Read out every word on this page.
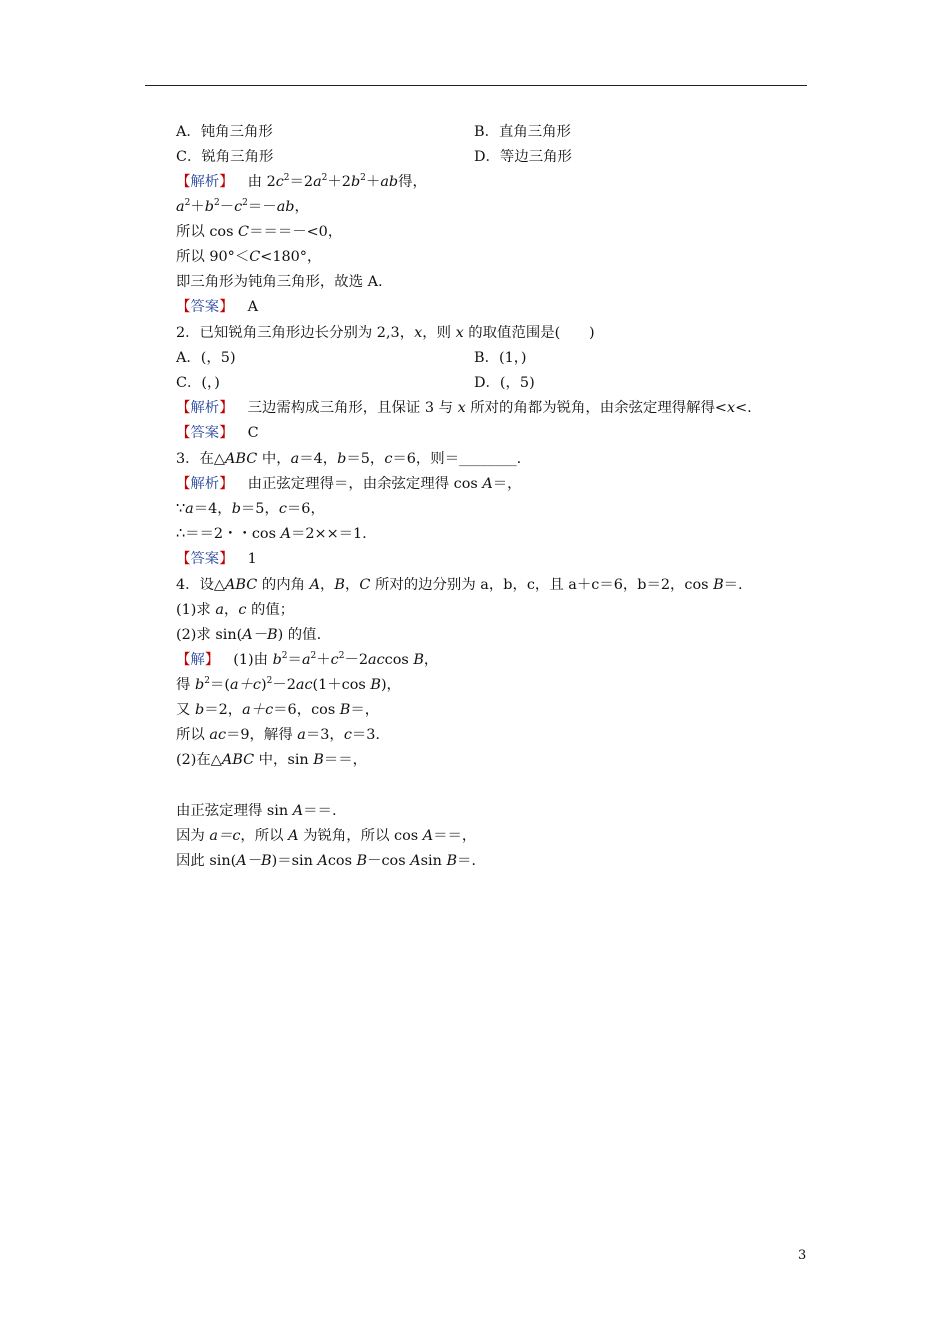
A．钝角三角形	B．直角三角形
C．锐角三角形	D．等边三角形
【解析】 由 $2c^2=2a^2+2b^2+ab$得，
$a^2+b^2-c^2=-ab$，
所以 cos C＝＝＝－<0，
所以 90°＜C<180°，
即三角形为钝角三角形，故选 A.
【答案】 A
2．已知锐角三角形边长分别为 2,3，x，则 x 的取值范围是(　　)
A．(，5)	B．(1，)
C．(，)	D．(，5)
【解析】 三边需构成三角形，且保证 3 与 x 所对的角都为锐角，由余弦定理得解得<x<.
【答案】 C
3．在△ABC 中，a＝4，b＝5，c＝6，则＝________.
【解析】 由正弦定理得＝，由余弦定理得 cos A＝，
∵a＝4，b＝5，c＝6，
∴＝＝2・・cos A＝2××＝1.
【答案】 1
4．设△ABC 的内角 A，B，C 所对的边分别为 a，b，c，且 a＋c＝6，b＝2，cos B＝.
(1)求 a，c 的值；
(2)求 sin(A－B) 的值.
【解】 (1)由 $b^2=a^2+c^2-2accos$ B，
得 $b^2=(a+c)^2-2ac(1+\cos$ B)，
又 b＝2，a＋c＝6，cos B＝，
所以 ac＝9，解得 a＝3，c＝3.
(2)在△ABC 中，sin B＝＝，
由正弦定理得 sin A＝＝.
因为 a＝c，所以 A 为锐角，所以 cos A＝＝，
因此 sin(A－B)＝sin Acos B－cos Asin B＝.
3
